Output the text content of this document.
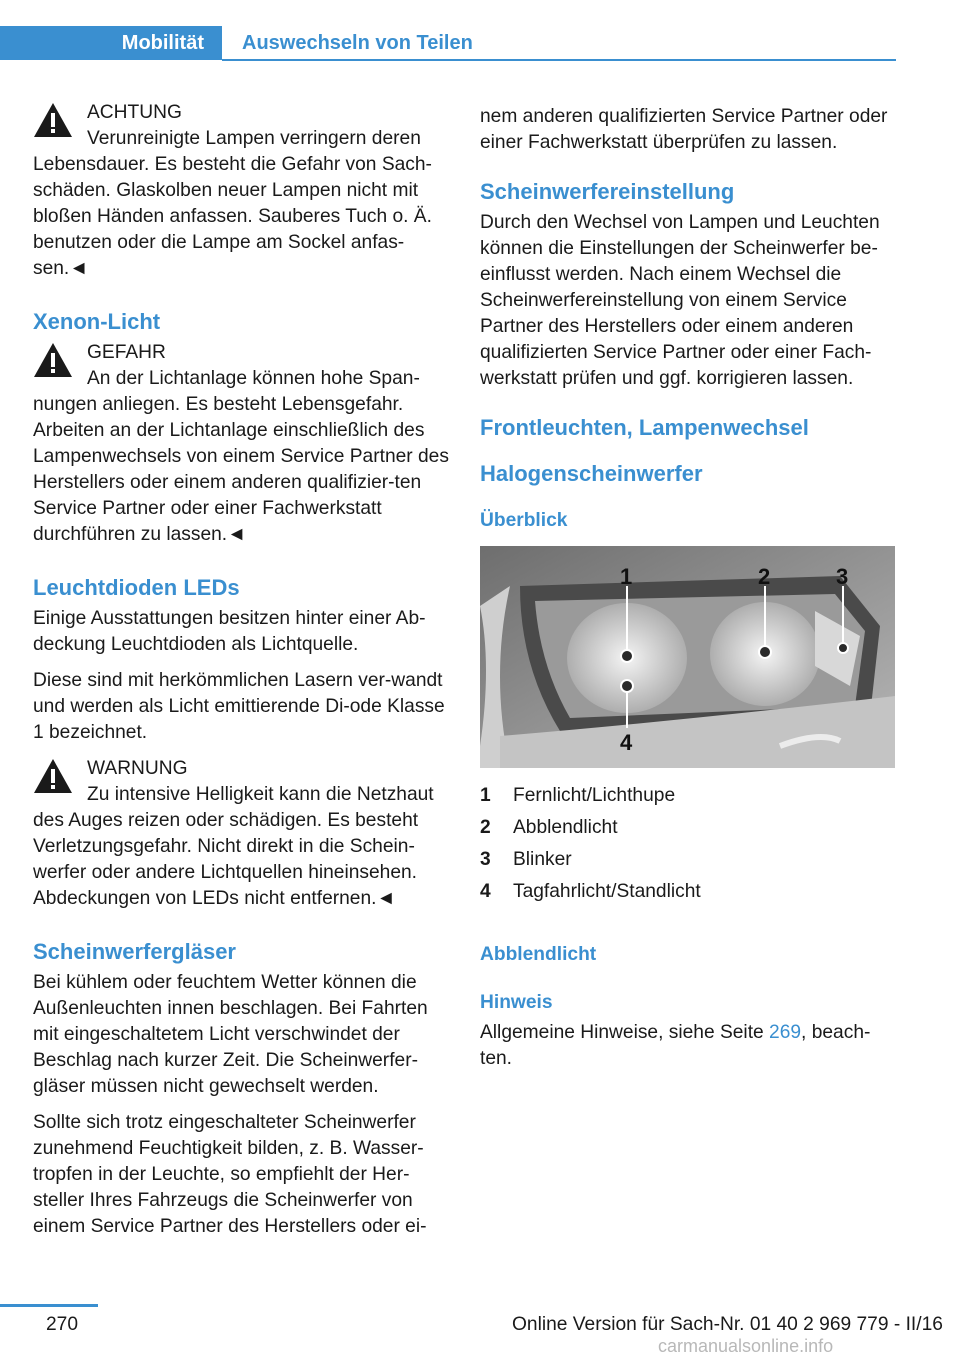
Mobilität	Auswechseln von Teilen
ACHTUNG

Verunreinigte Lampen verringern deren Lebensdauer. Es besteht die Gefahr von Sach-schäden. Glaskolben neuer Lampen nicht mit bloßen Händen anfassen. Sauberes Tuch o. Ä. benutzen oder die Lampe am Sockel anfas-sen.◄

Xenon-Licht
GEFAHR

An der Lichtanlage können hohe Span-nungen anliegen. Es besteht Lebensgefahr. Arbeiten an der Lichtanlage einschließlich des Lampenwechsels von einem Service Partner des Herstellers oder einem anderen qualifizier-ten Service Partner oder einer Fachwerkstatt durchführen zu lassen.◄

Leuchtdioden LEDs

Einige Ausstattungen besitzen hinter einer Ab-deckung Leuchtdioden als Lichtquelle.

Diese sind mit herkömmlichen Lasern ver-wandt und werden als Licht emittierende Di-ode Klasse 1 bezeichnet.

WARNUNG

Zu intensive Helligkeit kann die Netzhaut des Auges reizen oder schädigen. Es besteht Verletzungsgefahr. Nicht direkt in die Schein-werfer oder andere Lichtquellen hineinsehen. Abdeckungen von LEDs nicht entfernen.◄

Scheinwerfergläser

Bei kühlem oder feuchtem Wetter können die Außenleuchten innen beschlagen. Bei Fahrten mit eingeschaltetem Licht verschwindet der Beschlag nach kurzer Zeit. Die Scheinwerfer-gläser müssen nicht gewechselt werden.

Sollte sich trotz eingeschalteter Scheinwerfer zunehmend Feuchtigkeit bilden, z. B. Wasser-tropfen in der Leuchte, so empfiehlt der Her-steller Ihres Fahrzeugs die Scheinwerfer von einem Service Partner des Herstellers oder ei-

nem anderen qualifizierten Service Partner oder einer Fachwerkstatt überprüfen zu lassen.

Scheinwerfereinstellung

Durch den Wechsel von Lampen und Leuchten können die Einstellungen der Scheinwerfer be-einflusst werden. Nach einem Wechsel die Scheinwerfereinstellung von einem Service Partner des Herstellers oder einem anderen qualifizierten Service Partner oder einer Fach-werkstatt prüfen und ggf. korrigieren lassen.

Frontleuchten, Lampenwechsel
Halogenscheinwerfer
Überblick
1	2	3
4
1	Fernlicht/Lichthupe
2	Abblendlicht
3	Blinker
4	Tagfahrlicht/Standlicht
Abblendlicht
Hinweis

Allgemeine Hinweise, siehe Seite 269, beach-ten.

270	Online Version für Sach-Nr. 01 40 2 969 779 - II/16
carmanualsonline.info
